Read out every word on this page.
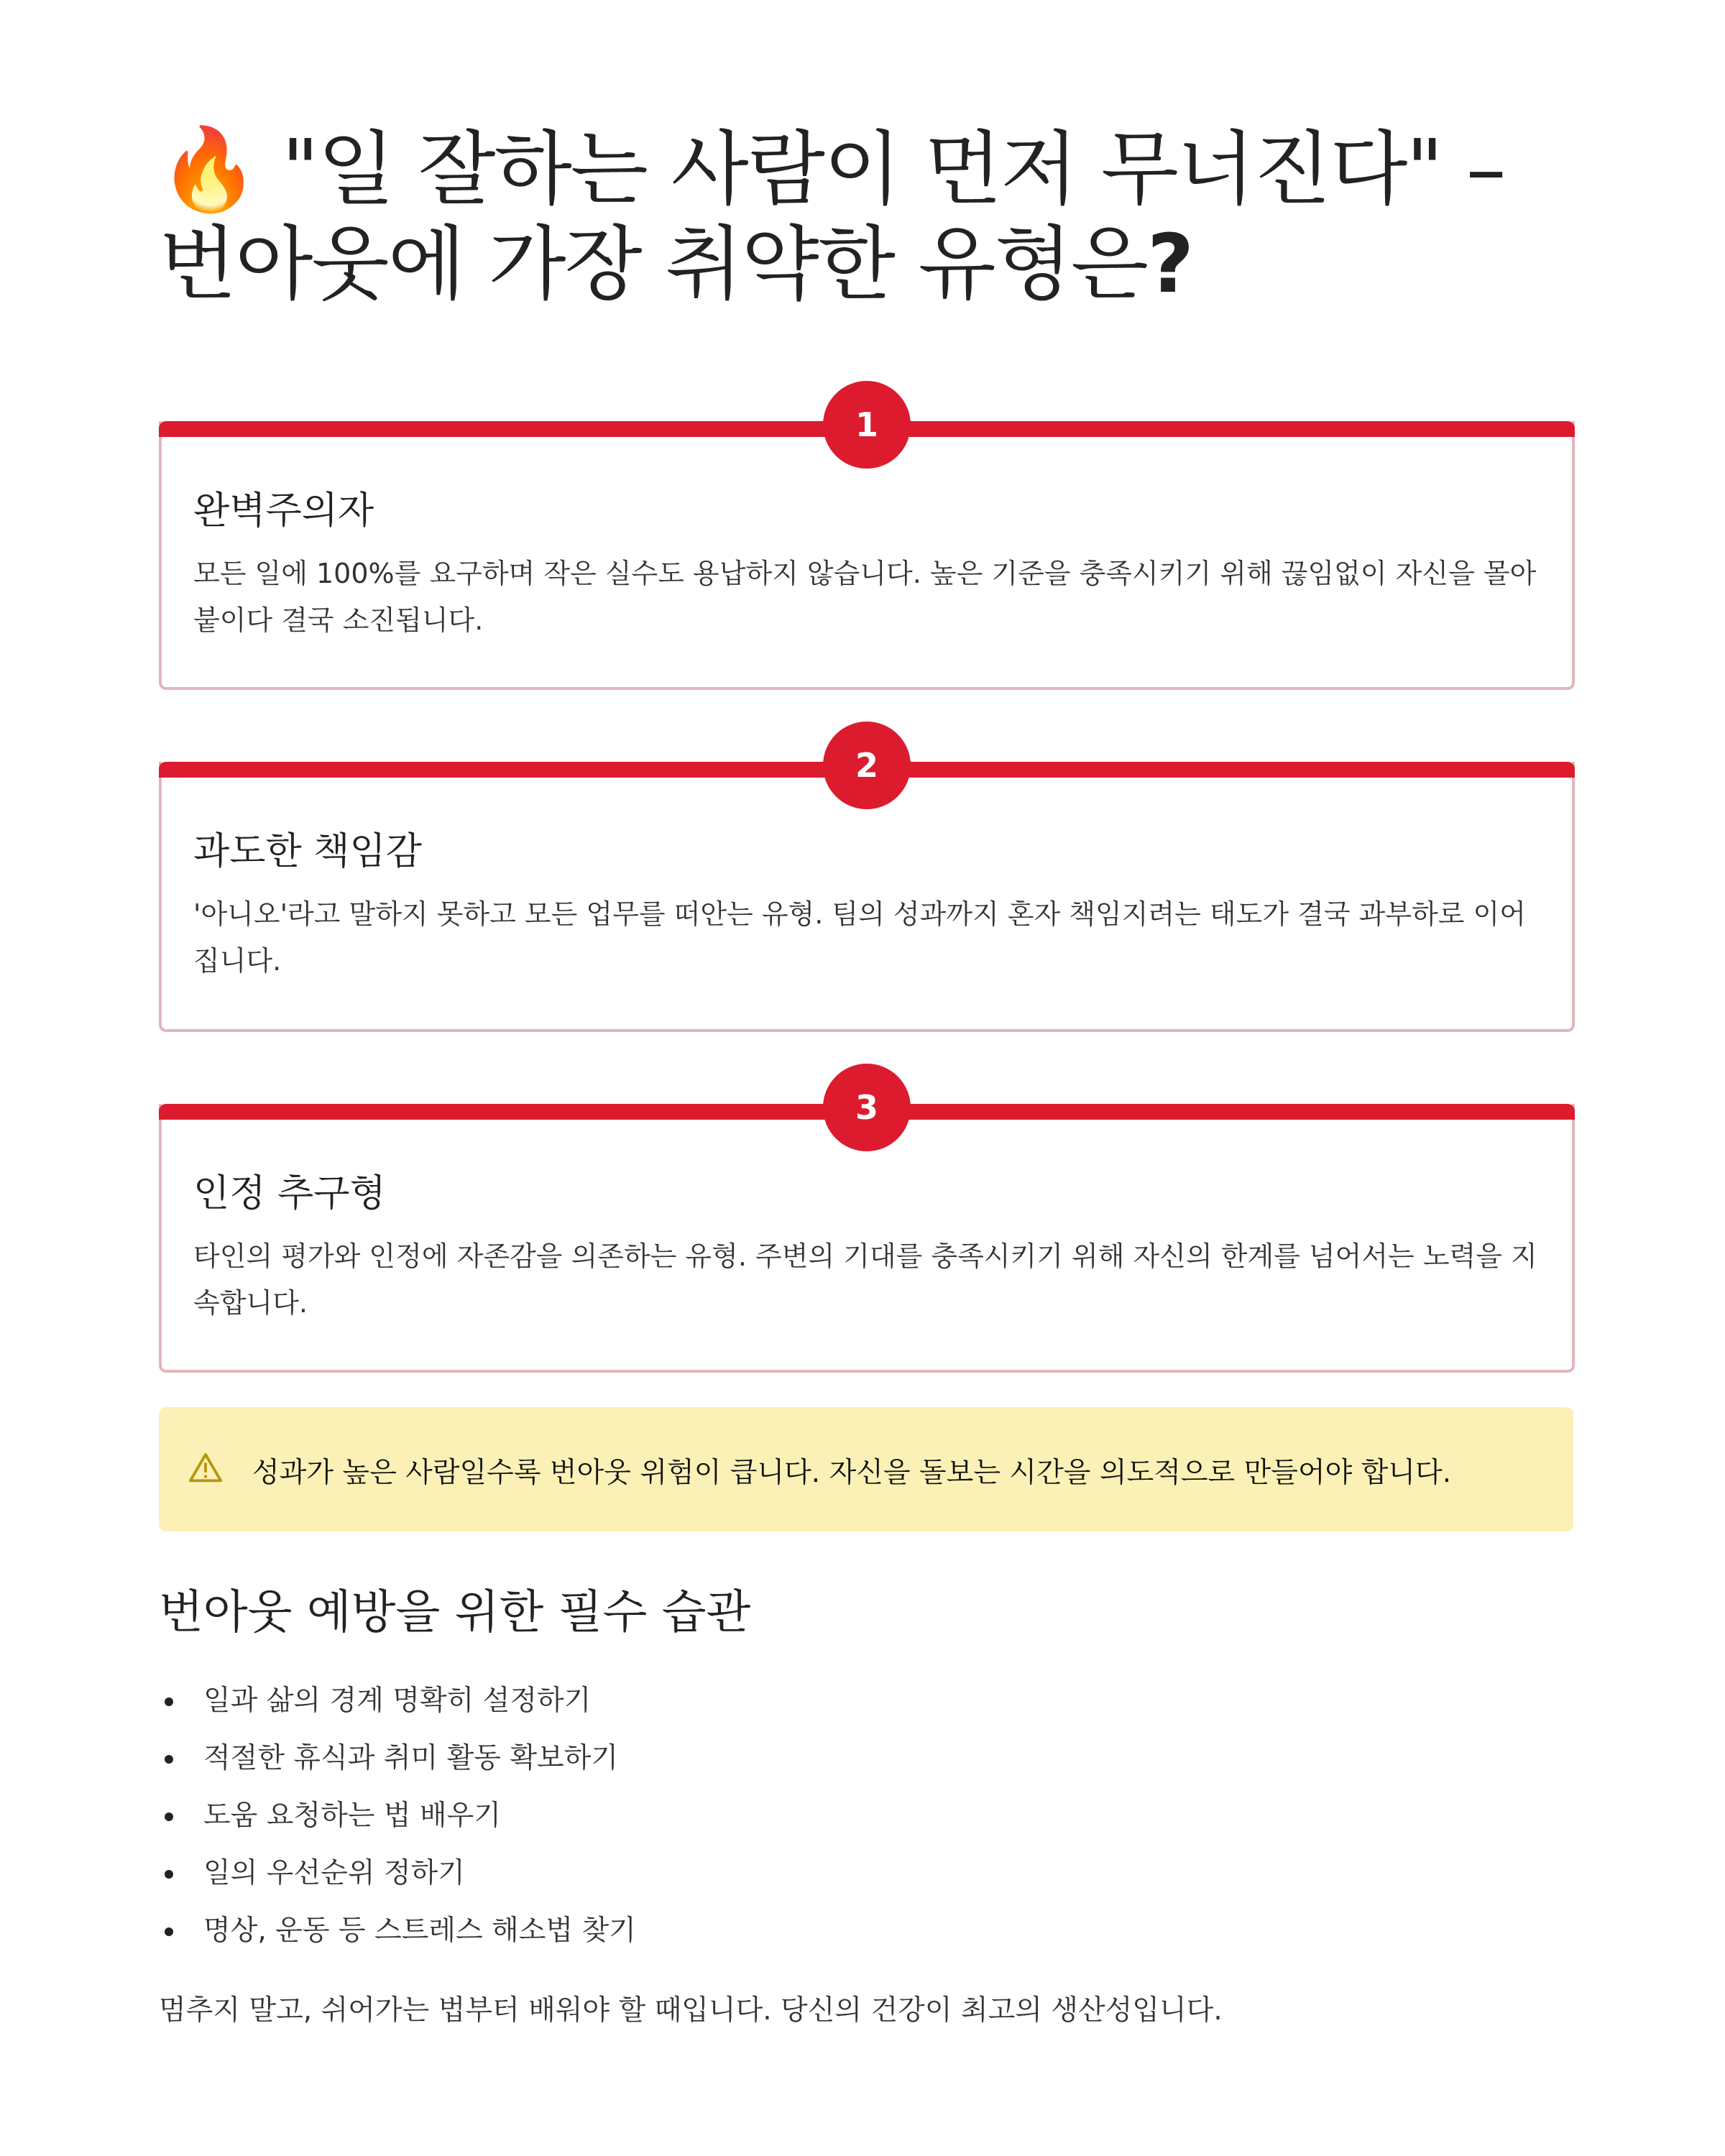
🔥 "일 잘하는 사람이 먼저 무너진다" – 번아웃에 가장 취약한 유형은?
1
완벽주의자

모든 일에 100%를 요구하며 작은 실수도 용납하지 않습니다. 높은 기준을 충족시키기 위해 끊임없이 자신을 몰아붙이다 결국 소진됩니다.

2
과도한 책임감

'아니오'라고 말하지 못하고 모든 업무를 떠안는 유형. 팀의 성과까지 혼자 책임지려는 태도가 결국 과부하로 이어집니다.

3
인정 추구형

타인의 평가와 인정에 자존감을 의존하는 유형. 주변의 기대를 충족시키기 위해 자신의 한계를 넘어서는 노력을 지속합니다.

성과가 높은 사람일수록 번아웃 위험이 큽니다. 자신을 돌보는 시간을 의도적으로 만들어야 합니다.
번아웃 예방을 위한 필수 습관
일과 삶의 경계 명확히 설정하기
적절한 휴식과 취미 활동 확보하기
도움 요청하는 법 배우기
일의 우선순위 정하기
명상, 운동 등 스트레스 해소법 찾기

멈추지 말고, 쉬어가는 법부터 배워야 할 때입니다. 당신의 건강이 최고의 생산성입니다.
